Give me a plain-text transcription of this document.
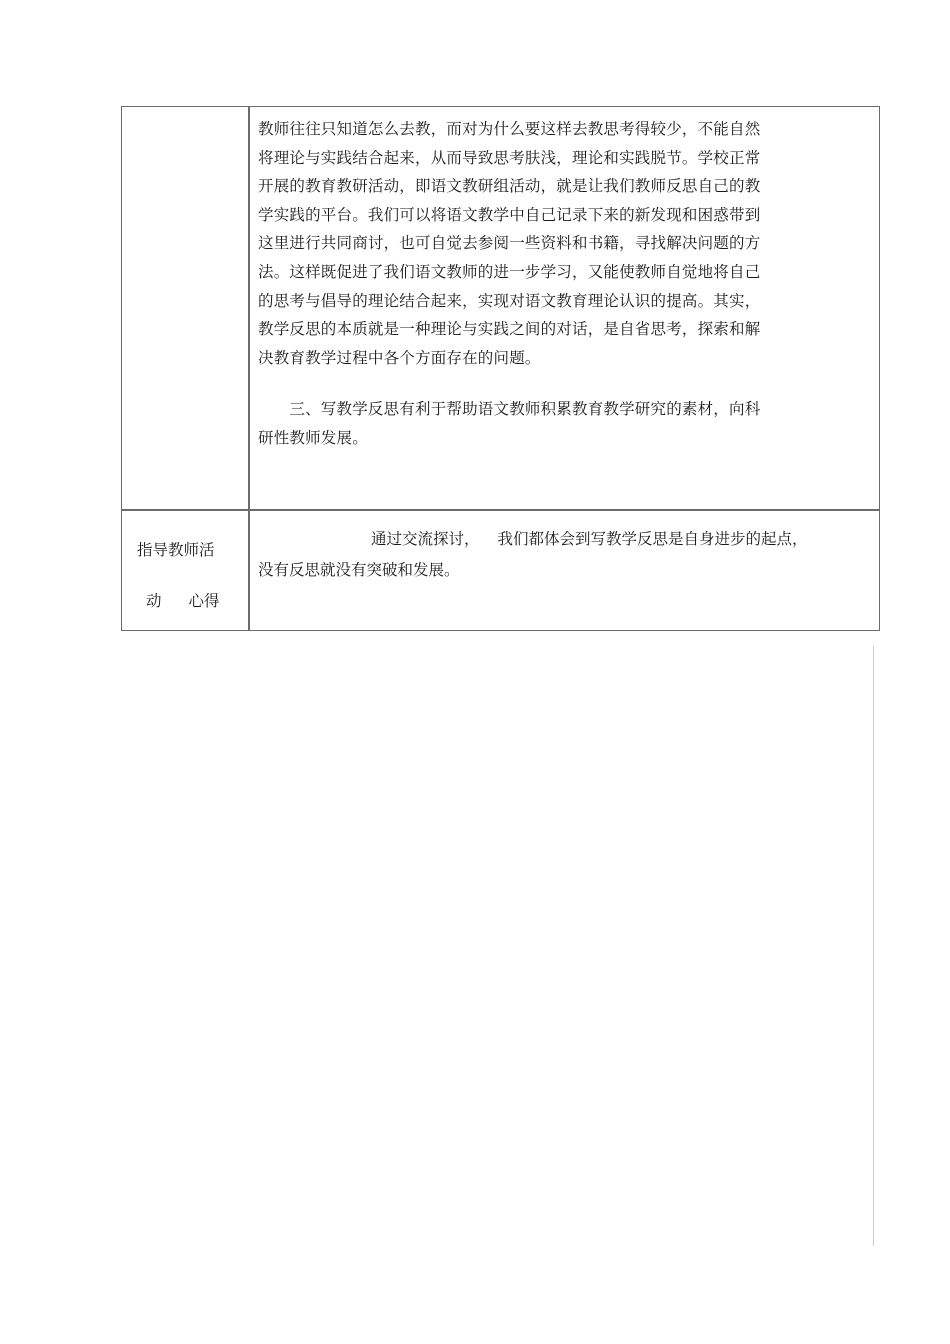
教师往往只知道怎么去教，而对为什么要这样去教思考得较少，不能自然
将理论与实践结合起来，从而导致思考肤浅，理论和实践脱节。学校正常
开展的教育教研活动，即语文教研组活动，就是让我们教师反思自己的教
学实践的平台。我们可以将语文教学中自己记录下来的新发现和困惑带到
这里进行共同商讨，也可自觉去参阅一些资料和书籍，寻找解决问题的方
法。这样既促进了我们语文教师的进一步学习，又能使教师自觉地将自己
的思考与倡导的理论结合起来，实现对语文教育理论认识的提高。其实，
教学反思的本质就是一种理论与实践之间的对话，是自省思考，探索和解
决教育教学过程中各个方面存在的问题。
　　三、写教学反思有利于帮助语文教师积累教育教学研究的素材，向科
研性教师发展。
指导教师活
动 心得
通过交流探讨， 我们都体会到写教学反思是自身进步的起点，
没有反思就没有突破和发展。
